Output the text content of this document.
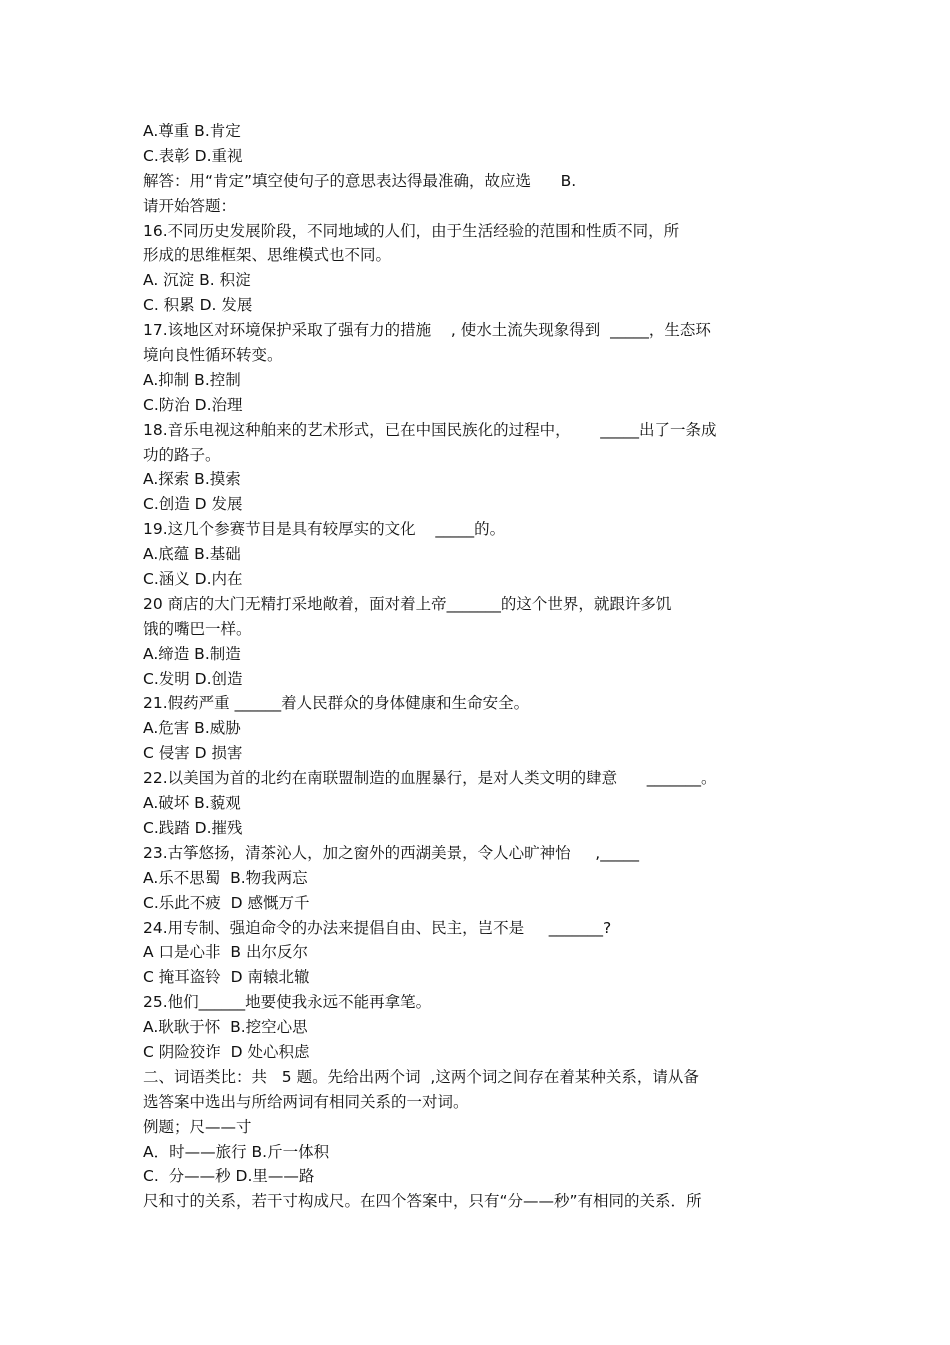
A.尊重 B.肯定
C.表彰 D.重视
解答：用“肯定”填空使句子的意思表达得最准确，故应选      B.
请开始答题：
16.不同历史发展阶段，不同地域的人们，由于生活经验的范围和性质不同，所
形成的思维框架、思维模式也不同。
A. 沉淀 B. 积淀
C. 积累 D. 发展
17.该地区对环境保护采取了强有力的措施    , 使水土流失现象得到  _____，生态环
境向良性循环转变。
A.抑制 B.控制
C.防治 D.治理
18.音乐电视这种舶来的艺术形式，已在中国民族化的过程中，      _____出了一条成
功的路子。
A.探索 B.摸索
C.创造 D 发展
19.这几个参赛节目是具有较厚实的文化    _____的。
A.底蕴 B.基础
C.涵义 D.内在
20 商店的大门无精打采地敞着，面对着上帝_______的这个世界，就跟许多饥
饿的嘴巴一样。
A.缔造 B.制造
C.发明 D.创造
21.假药严重 ______着人民群众的身体健康和生命安全。
A.危害 B.威胁
C 侵害 D 损害
22.以美国为首的北约在南联盟制造的血腥暴行，是对人类文明的肆意      _______。
A.破坏 B.藐观
C.践踏 D.摧残
23.古筝悠扬，清茶沁人，加之窗外的西湖美景，令人心旷神怡     ,_____
A.乐不思蜀  B.物我两忘
C.乐此不疲  D 感慨万千
24.用专制、强迫命令的办法来提倡自由、民主，岂不是     _______?
A 口是心非  B 出尔反尔
C 掩耳盗铃  D 南辕北辙
25.他们______地要使我永远不能再拿笔。
A.耿耿于怀  B.挖空心思
C 阴险狡诈  D 处心积虑
二、词语类比：共   5 题。先给出两个词  ,这两个词之间存在着某种关系，请从备
选答案中选出与所给两词有相同关系的一对词。
例题；尺——寸
A．时——旅行 B.斤一体积
C.  分——秒 D.里——路
尺和寸的关系，若干寸构成尺。在四个答案中，只有“分——秒”有相同的关系．所
